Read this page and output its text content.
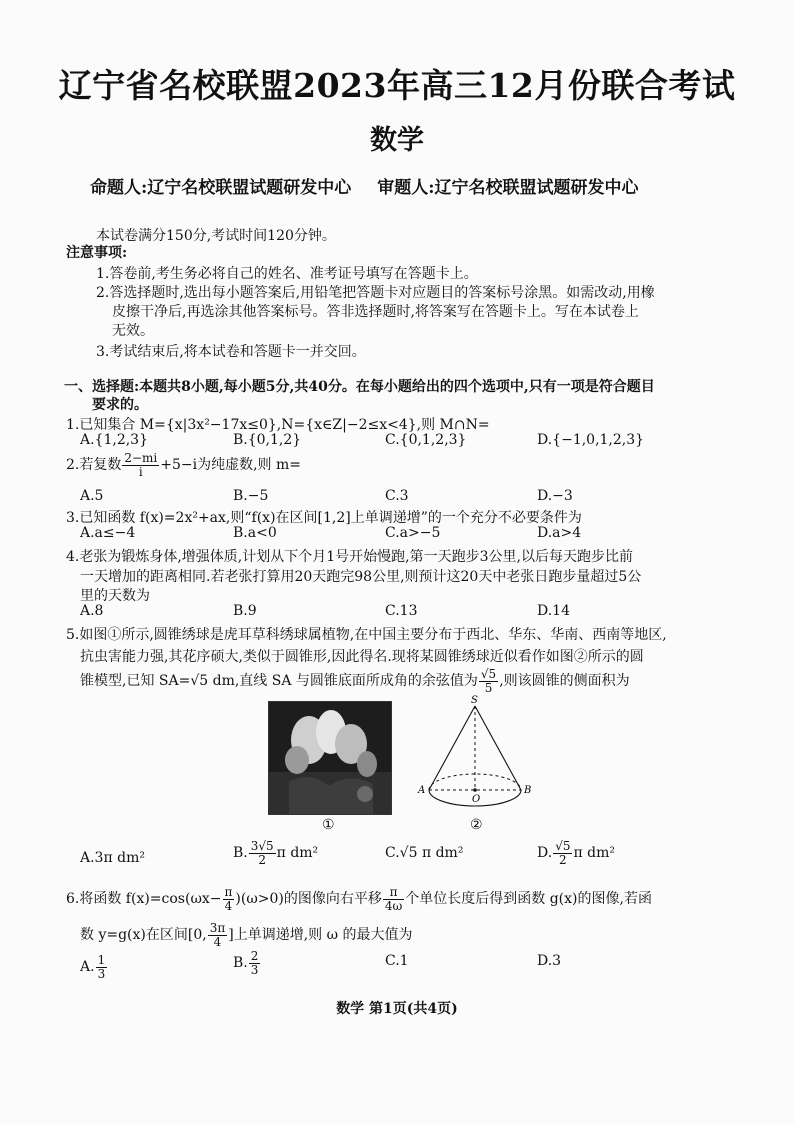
辽宁省名校联盟2023年高三12月份联合考试
数学
命题人:辽宁名校联盟试题研发中心 审题人:辽宁名校联盟试题研发中心
本试卷满分150分,考试时间120分钟。
注意事项:
1.答卷前,考生务必将自己的姓名、准考证号填写在答题卡上。
2.答选择题时,选出每小题答案后,用铅笔把答题卡对应题目的答案标号涂黑。如需改动,用橡
皮擦干净后,再选涂其他答案标号。答非选择题时,将答案写在答题卡上。写在本试卷上
无效。
3.考试结束后,将本试卷和答题卡一并交回。
一、选择题:本题共8小题,每小题5分,共40分。在每小题给出的四个选项中,只有一项是符合题目
要求的。
1.已知集合 M={x|3x²−17x≤0},N={x∈Z|−2≤x<4},则 M∩N=
A.{1,2,3}	B.{0,1,2}	C.{0,1,2,3}	D.{−1,0,1,2,3}
2.若复数 $\frac{2-mi}{i} +5-i$为纯虚数,则 m=
A.5	B.−5	C.3	D.−3
3.已知函数 f(x)=2x²+ax,则“f(x)在区间[1,2]上单调递增”的一个充分不必要条件为
A.a≤−4	B.a<0	C.a>−5	D.a>4
4.老张为锻炼身体,增强体质,计划从下个月1号开始慢跑,第一天跑步3公里,以后每天跑步比前
一天增加的距离相同.若老张打算用20天跑完98公里,则预计这20天中老张日跑步量超过5公
里的天数为
A.8	B.9	C.13	D.14
5.如图①所示,圆锥绣球是虎耳草科绣球属植物,在中国主要分布于西北、华东、华南、西南等地区,
抗虫害能力强,其花序硕大,类似于圆锥形,因此得名.现将某圆锥绣球近似看作如图②所示的圆
锥模型,已知 SA=√5 dm,直线 SA 与圆锥底面所成角的余弦值为 $\frac{√5}{5}$ ,则该圆锥的侧面积为
①
S
A
O
B
②
A.3π dm²	B. $\frac{3√5}{2}$ π dm²	C.√5 π dm²	D. $\frac{√5}{2}$ π dm²
6.将函数 $f(x)=\cos(\omega x- \frac{\pi}{4} )(\omega>0)$的图像向右平移 $\frac{\pi}{4\omega}$ 个单位长度后得到函数 g(x)的图像,若函
数 y=g(x)在区间[0, $\frac{3\pi}{4}$ ]上单调递增,则 ω 的最大值为
A. $\frac{1}{3}$	B. $\frac{2}{3}$	C.1	D.3
数学 第1页(共4页)
